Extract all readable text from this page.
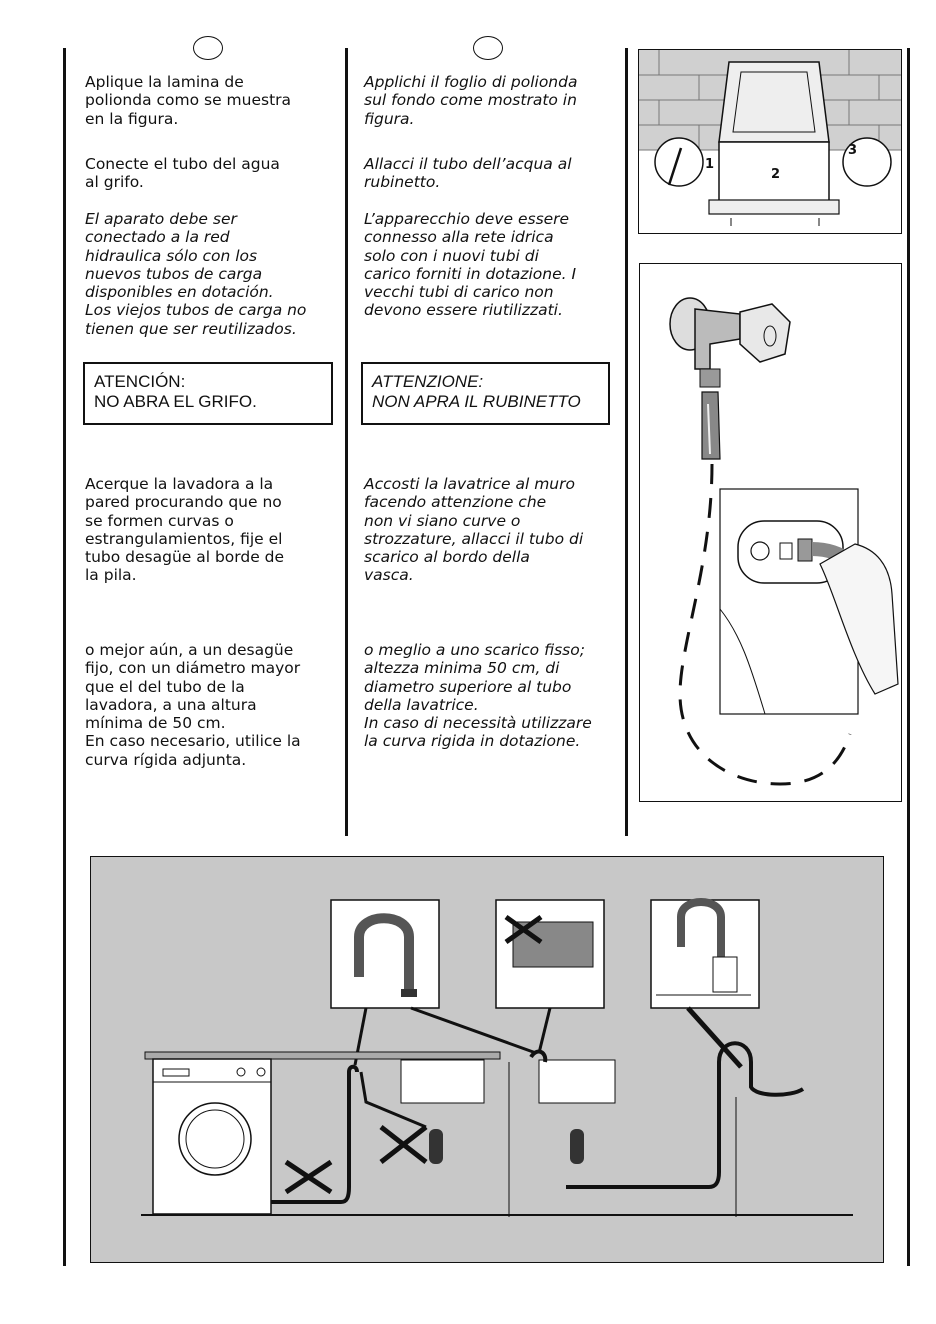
Aplique la lamina de
polionda como se muestra
en la figura.

Conecte el tubo del agua
al grifo.

El aparato debe ser
conectado a la red
hidraulica sólo con los
nuevos tubos de carga
disponibles en dotación.
Los viejos tubos de carga no
tienen que ser reutilizados.

ATENCIÓN:
NO ABRA EL GRIFO.

Acerque la lavadora a la
pared procurando que no
se formen curvas o
estrangulamientos, fije el
tubo desagüe al borde de
la pila.

o mejor aún, a un desagüe
fijo, con un diámetro mayor
que el del tubo de la
lavadora, a una altura
mínima de 50 cm.
En caso necesario, utilice la
curva rígida adjunta.

Applichi il foglio di polionda
sul fondo come mostrato in
figura.

Allacci il tubo dell’acqua al
rubinetto.

L’apparecchio deve essere
connesso alla rete idrica
solo con i nuovi tubi di
carico forniti in dotazione. I
vecchi tubi di carico non
devono essere riutilizzati.

ATTENZIONE:
NON APRA IL RUBINETTO

Accosti la lavatrice al muro
facendo attenzione che
non vi siano curve o
strozzature, allacci il tubo di
scarico al bordo della
vasca.

o meglio a uno scarico fisso;
altezza minima 50 cm, di
diametro superiore al tubo
della lavatrice.
In caso di necessità utilizzare
la curva rigida in dotazione.

1
2
3
